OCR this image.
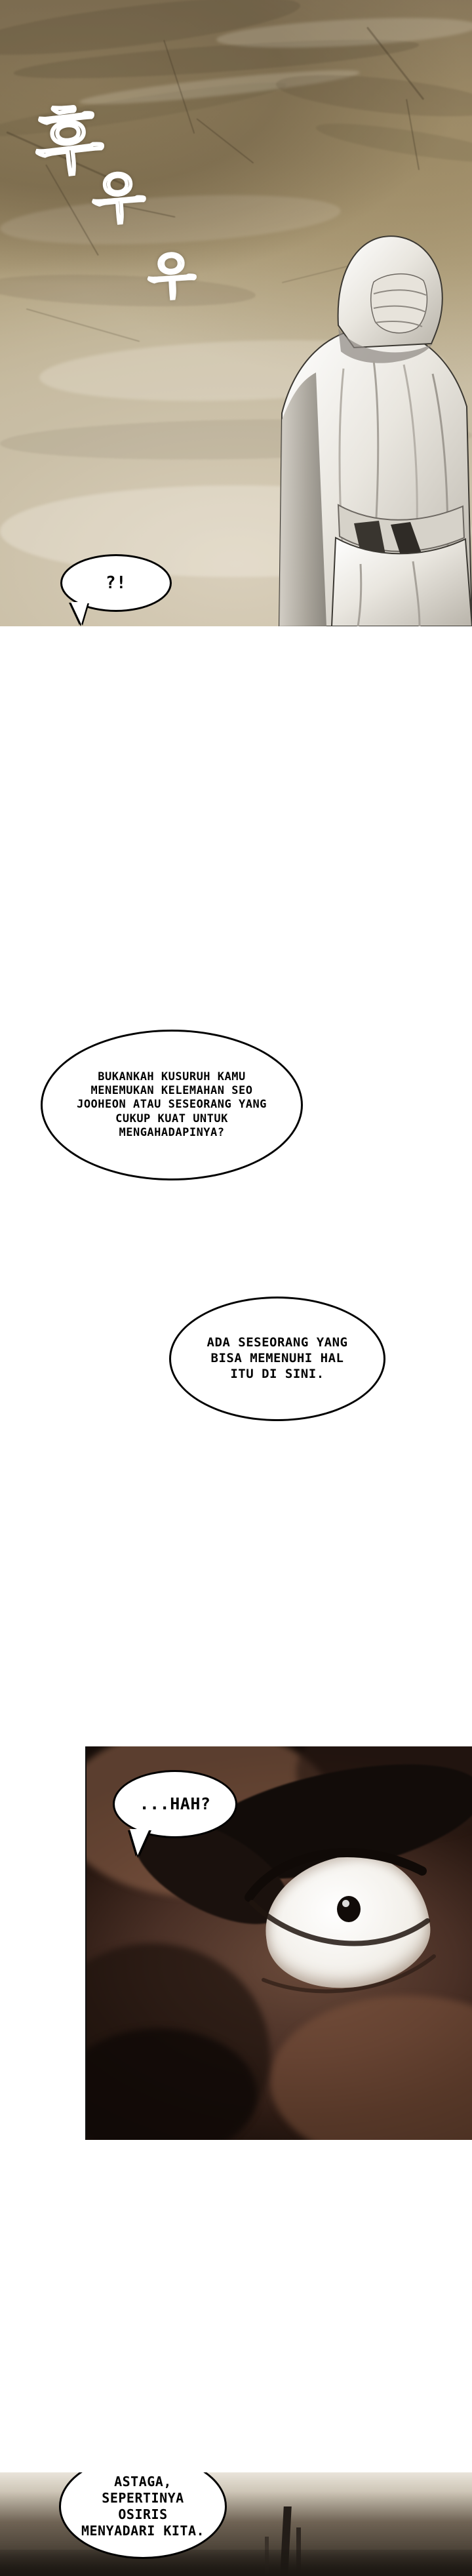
후
우
우
?!
BUKANKAH KUSURUH KAMU MENEMUKAN KELEMAHAN SEO JOOHEON ATAU SESEORANG YANG CUKUP KUAT UNTUK MENGAHADAPINYA?
ADA SESEORANG YANG BISA MEMENUHI HAL ITU DI SINI.
...HAH?
ASTAGA, SEPERTINYA OSIRIS MENYADARI KITA.
